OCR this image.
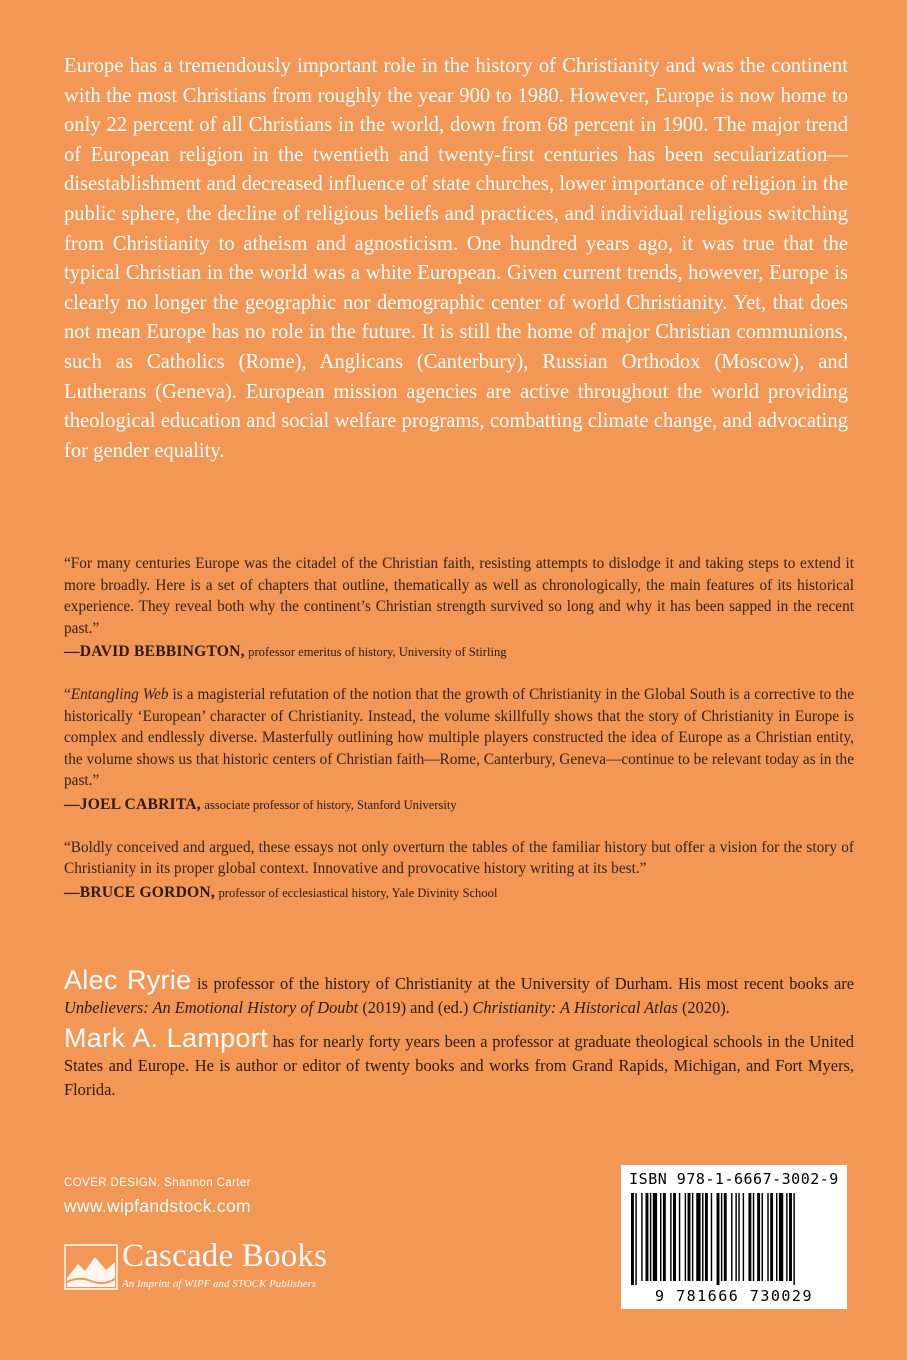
Europe has a tremendously important role in the history of Christianity and was the continent with the most Christians from roughly the year 900 to 1980. However, Europe is now home to only 22 percent of all Christians in the world, down from 68 percent in 1900. The major trend of European religion in the twentieth and twenty-first centuries has been secularization—disestablishment and decreased influence of state churches, lower importance of religion in the public sphere, the decline of religious beliefs and practices, and individual religious switching from Christianity to atheism and agnosticism. One hundred years ago, it was true that the typical Christian in the world was a white European. Given current trends, however, Europe is clearly no longer the geographic nor demographic center of world Christianity. Yet, that does not mean Europe has no role in the future. It is still the home of major Christian communions, such as Catholics (Rome), Anglicans (Canterbury), Russian Orthodox (Moscow), and Lutherans (Geneva). European mission agencies are active throughout the world providing theological education and social welfare programs, combatting climate change, and advocating for gender equality.

“For many centuries Europe was the citadel of the Christian faith, resisting attempts to dislodge it and taking steps to extend it more broadly. Here is a set of chapters that outline, thematically as well as chronologically, the main features of its historical experience. They reveal both why the continent’s Christian strength survived so long and why it has been sapped in the recent past.”

—DAVID BEBBINGTON, professor emeritus of history, University of Stirling

“Entangling Web is a magisterial refutation of the notion that the growth of Christianity in the Global South is a corrective to the historically ‘European’ character of Christianity. Instead, the volume skillfully shows that the story of Christianity in Europe is complex and endlessly diverse. Masterfully outlining how multiple players constructed the idea of Europe as a Christian entity, the volume shows us that historic centers of Christian faith—Rome, Canterbury, Geneva—continue to be relevant today as in the past.”

—JOEL CABRITA, associate professor of history, Stanford University

“Boldly conceived and argued, these essays not only overturn the tables of the familiar history but offer a vision for the story of Christianity in its proper global context. Innovative and provocative history writing at its best.”

—BRUCE GORDON, professor of ecclesiastical history, Yale Divinity School

Alec Ryrie is professor of the history of Christianity at the University of Durham. His most recent books are Unbelievers: An Emotional History of Doubt (2019) and (ed.) Christianity: A Historical Atlas (2020).

Mark A. Lamport has for nearly forty years been a professor at graduate theological schools in the United States and Europe. He is author or editor of twenty books and works from Grand Rapids, Michigan, and Fort Myers, Florida.

COVER DESIGN: Shannon Carter
www.wipfandstock.com
Cascade Books
An Imprint of WIPF and STOCK Publishers
ISBN 978-1-6667-3002-9
9 781666 730029
